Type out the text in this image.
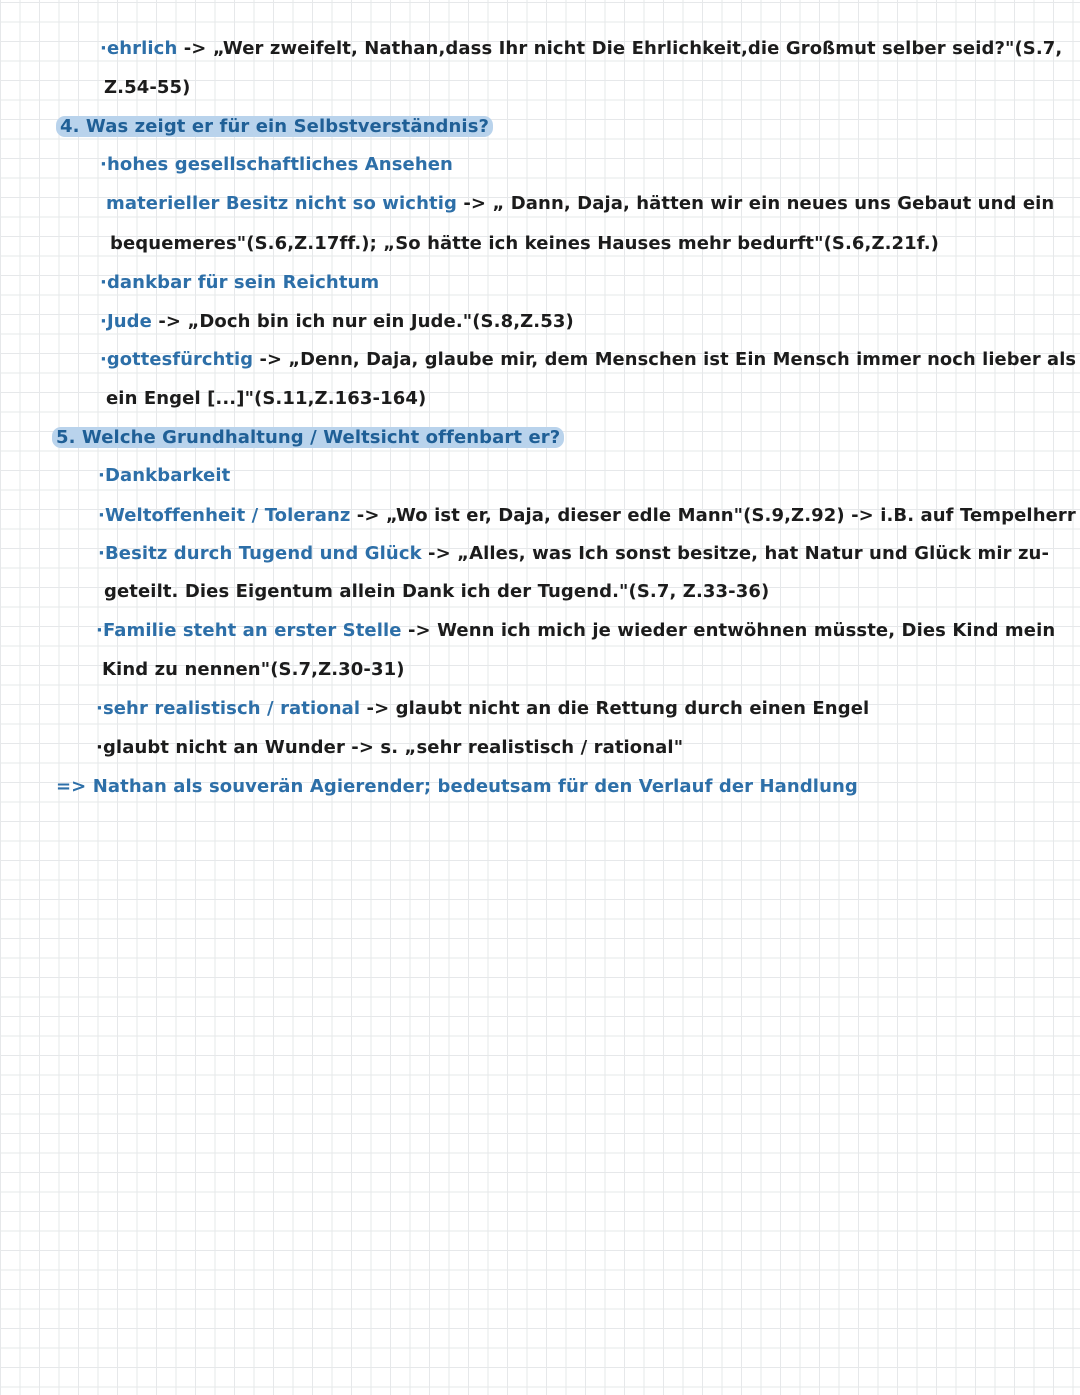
·ehrlich -> „Wer zweifelt, Nathan,dass Ihr nicht Die Ehrlichkeit,die Großmut selber seid?"(S.7,
Z.54-55)
4. Was zeigt er für ein Selbstverständnis?
·hohes gesellschaftliches Ansehen
materieller Besitz nicht so wichtig -> „ Dann, Daja, hätten wir ein neues uns Gebaut und ein
bequemeres"(S.6,Z.17ff.); „So hätte ich keines Hauses mehr bedurft"(S.6,Z.21f.)
·dankbar für sein Reichtum
·Jude -> „Doch bin ich nur ein Jude."(S.8,Z.53)
·gottesfürchtig -> „Denn, Daja, glaube mir, dem Menschen ist Ein Mensch immer noch lieber als
ein Engel [...]"(S.11,Z.163-164)
5. Welche Grundhaltung / Weltsicht offenbart er?
·Dankbarkeit
·Weltoffenheit / Toleranz -> „Wo ist er, Daja, dieser edle Mann"(S.9,Z.92) -> i.B. auf Tempelherr
·Besitz durch Tugend und Glück -> „Alles, was Ich sonst besitze, hat Natur und Glück mir zu-
geteilt. Dies Eigentum allein Dank ich der Tugend."(S.7, Z.33-36)
·Familie steht an erster Stelle -> Wenn ich mich je wieder entwöhnen müsste, Dies Kind mein
Kind zu nennen"(S.7,Z.30-31)
·sehr realistisch / rational -> glaubt nicht an die Rettung durch einen Engel
·glaubt nicht an Wunder -> s. „sehr realistisch / rational"
=> Nathan als souverän Agierender; bedeutsam für den Verlauf der Handlung
